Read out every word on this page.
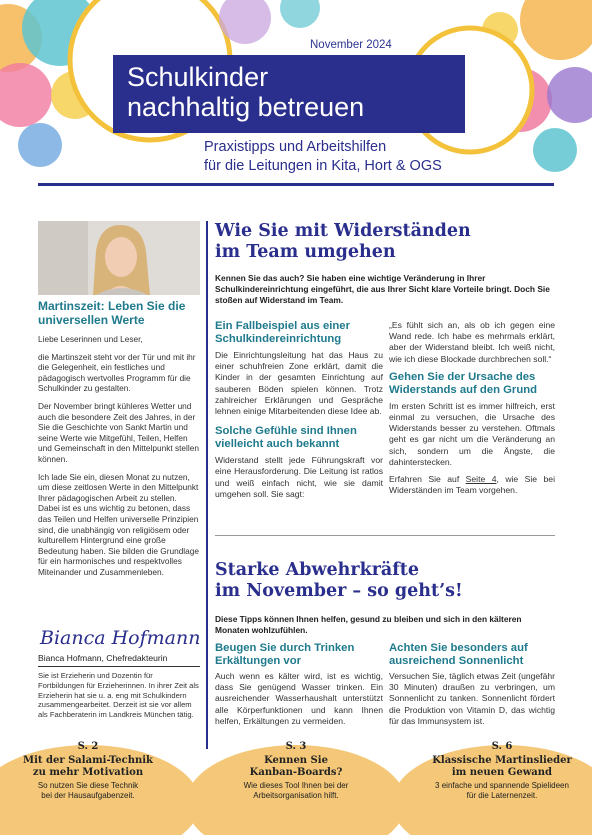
November 2024
Schulkinder
nachhaltig betreuen
Praxistipps und Arbeitshilfen
für die Leitungen in Kita, Hort & OGS
Martinszeit: Leben Sie die universellen Werte

Liebe Leserinnen und Leser,

die Martinszeit steht vor der Tür und mit ihr die Gelegenheit, ein festliches und pädagogisch wertvolles Programm für die Schulkinder zu gestalten.

Der November bringt kühleres Wetter und auch die besondere Zeit des Jahres, in der Sie die Geschichte von Sankt Martin und seine Werte wie Mitgefühl, Teilen, Helfen und Gemeinschaft in den Mittelpunkt stellen können.

Ich lade Sie ein, diesen Monat zu nutzen, um diese zeitlosen Werte in den Mittelpunkt Ihrer pädagogischen Arbeit zu stellen. Dabei ist es uns wichtig zu betonen, dass das Teilen und Helfen universelle Prinzipien sind, die unabhängig von religiösem oder kulturellem Hintergrund eine große Bedeutung haben. Sie bilden die Grundlage für ein harmonisches und respektvolles Miteinander und Zusammenleben.

Bianca Hofmann
Bianca Hofmann, Chefredakteurin
Sie ist Erzieherin und Dozentin für Fortbildungen für Erzieherinnen. In ihrer Zeit als Erzieherin hat sie u. a. eng mit Schulkindern zusammengearbeitet. Derzeit ist sie vor allem als Fachberaterin im Landkreis München tätig.
Wie Sie mit Widerständen
im Team umgehen
Kennen Sie das auch? Sie haben eine wichtige Veränderung in Ihrer Schulkindereinrichtung eingeführt, die aus Ihrer Sicht klare Vorteile bringt. Doch Sie stoßen auf Widerstand im Team.
Ein Fallbeispiel aus einer Schulkindereinrichtung
Die Einrichtungsleitung hat das Haus zu einer schuhfreien Zone erklärt, damit die Kinder in der gesamten Einrichtung auf sauberen Böden spielen können. Trotz zahlreicher Erklärungen und Gespräche lehnen einige Mitarbeitenden diese Idee ab.
Solche Gefühle sind Ihnen vielleicht auch bekannt
Widerstand stellt jede Führungskraft vor eine Herausforderung. Die Leitung ist ratlos und weiß einfach nicht, wie sie damit umgehen soll. Sie sagt:
„Es fühlt sich an, als ob ich gegen eine Wand rede. Ich habe es mehrmals erklärt, aber der Widerstand bleibt. Ich weiß nicht, wie ich diese Blockade durchbrechen soll.“
Gehen Sie der Ursache des Widerstands auf den Grund
Im ersten Schritt ist es immer hilfreich, erst einmal zu versuchen, die Ursache des Widerstands besser zu verstehen. Oftmals geht es gar nicht um die Veränderung an sich, sondern um die Ängste, die dahinterstecken.
Erfahren Sie auf Seite 4, wie Sie bei Widerständen im Team vorgehen.
Starke Abwehrkräfte
im November – so geht’s!
Diese Tipps können Ihnen helfen, gesund zu bleiben und sich in den kälteren Monaten wohlzufühlen.
Beugen Sie durch Trinken Erkältungen vor
Auch wenn es kälter wird, ist es wichtig, dass Sie genügend Wasser trinken. Ein ausreichender Wasserhaushalt unterstützt alle Körperfunktionen und kann Ihnen helfen, Erkältungen zu vermeiden.
Achten Sie besonders auf ausreichend Sonnenlicht
Versuchen Sie, täglich etwas Zeit (ungefähr 30 Minuten) draußen zu verbringen, um Sonnenlicht zu tanken. Sonnenlicht fördert die Produktion von Vitamin D, das wichtig für das Immunsystem ist.
S. 2
Mit der Salami-Technik
zu mehr Motivation
So nutzen Sie diese Technik
bei der Hausaufgabenzeit.
S. 3
Kennen Sie
Kanban-Boards?
Wie dieses Tool Ihnen bei der
Arbeitsorganisation hilft.
S. 6
Klassische Martinslieder
im neuen Gewand
3 einfache und spannende Spielideen
für die Laternenzeit.
